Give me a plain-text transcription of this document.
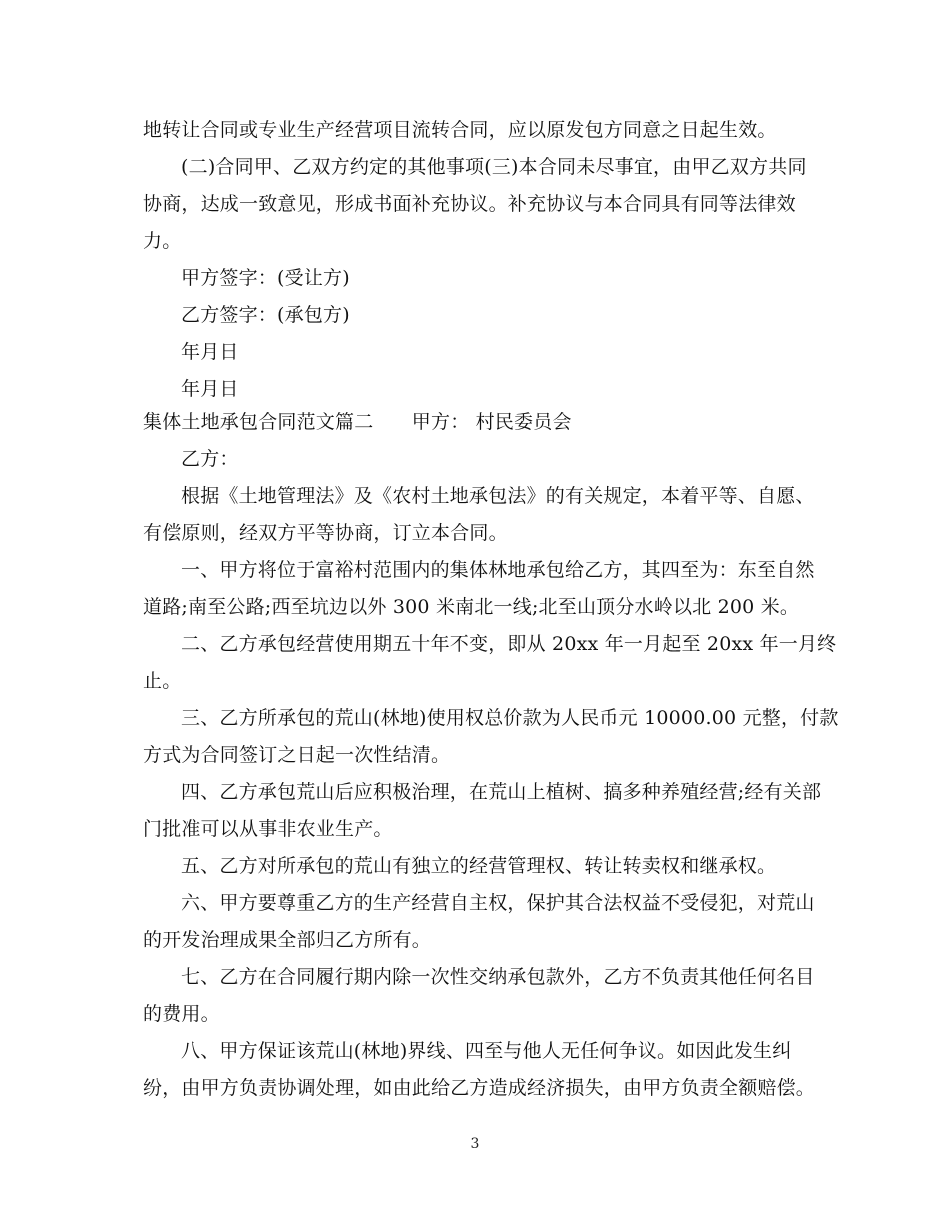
地转让合同或专业生产经营项目流转合同，应以原发包方同意之日起生效。
(二)合同甲、乙双方约定的其他事项(三)本合同未尽事宜，由甲乙双方共同
协商，达成一致意见，形成书面补充协议。补充协议与本合同具有同等法律效
力。
甲方签字：(受让方)
乙方签字：(承包方)
年月日
年月日
集体土地承包合同范文篇二　　甲方： 村民委员会
乙方：
根据《土地管理法》及《农村土地承包法》的有关规定，本着平等、自愿、
有偿原则，经双方平等协商，订立本合同。
一、甲方将位于富裕村范围内的集体林地承包给乙方，其四至为：东至自然
道路;南至公路;西至坑边以外 300 米南北一线;北至山顶分水岭以北 200 米。
二、乙方承包经营使用期五十年不变，即从 20xx 年一月起至 20xx 年一月终
止。
三、乙方所承包的荒山(林地)使用权总价款为人民币元 10000.00 元整，付款
方式为合同签订之日起一次性结清。
四、乙方承包荒山后应积极治理，在荒山上植树、搞多种养殖经营;经有关部
门批准可以从事非农业生产。
五、乙方对所承包的荒山有独立的经营管理权、转让转卖权和继承权。
六、甲方要尊重乙方的生产经营自主权，保护其合法权益不受侵犯，对荒山
的开发治理成果全部归乙方所有。
七、乙方在合同履行期内除一次性交纳承包款外，乙方不负责其他任何名目
的费用。
八、甲方保证该荒山(林地)界线、四至与他人无任何争议。如因此发生纠
纷，由甲方负责协调处理，如由此给乙方造成经济损失，由甲方负责全额赔偿。
3
